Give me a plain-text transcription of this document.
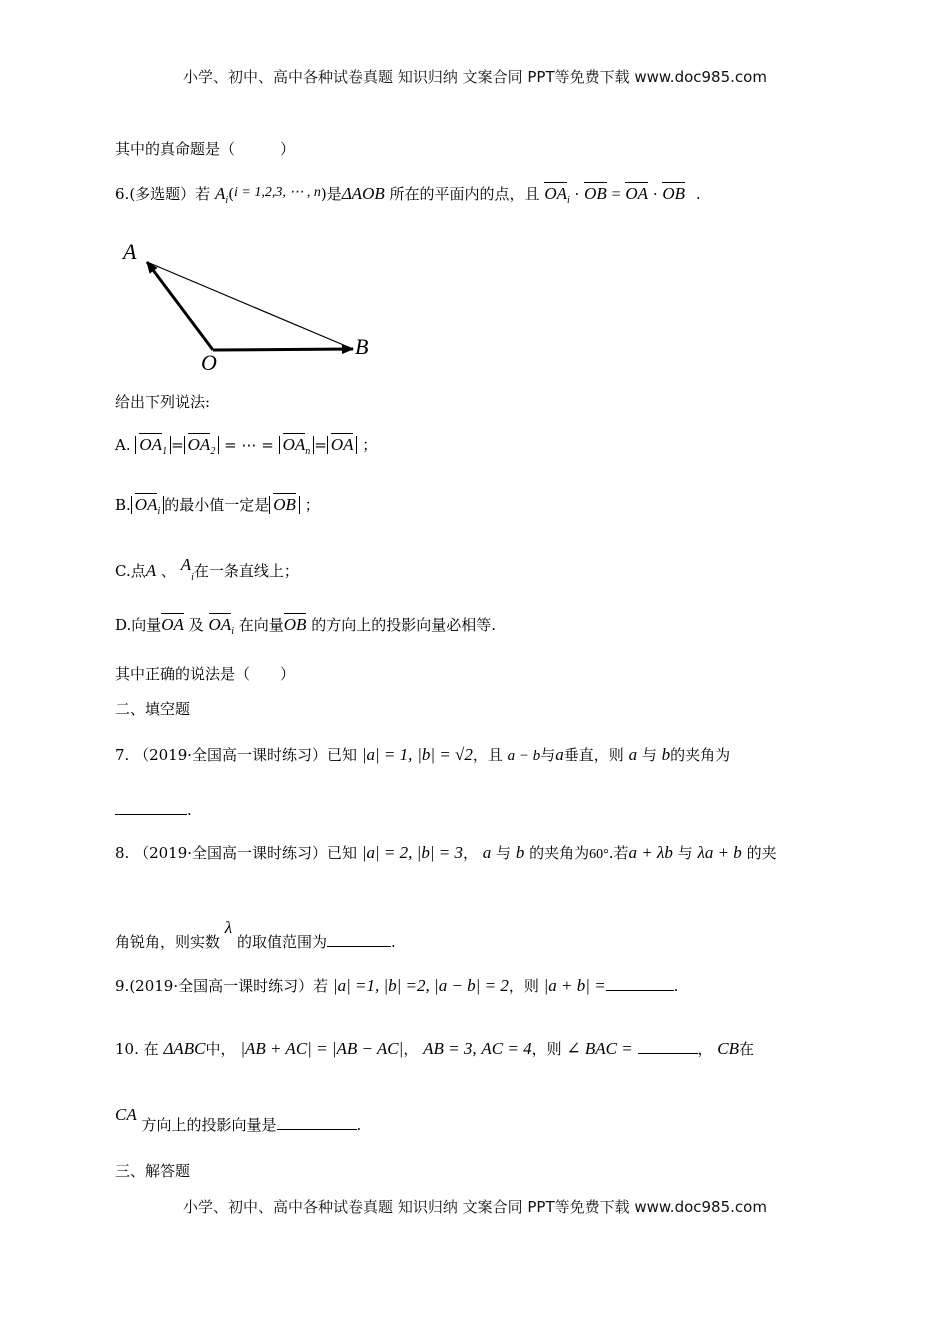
小学、初中、高中各种试卷真题 知识归纳 文案合同 PPT等免费下载 www.doc985.com
其中的真命题是（　　　）
6.(多选题）若 $A_i(i = 1,2,3$, ⋯ , n)是ΔAOB 所在的平面内的点，且 $OA_i$ · OB = OA · OB .
A
O
B
给出下列说法:
A. $OA_1 = OA_2$ = ⋯ = $OA_n$ = OA ；
B. $OA_i$ 的最小值一定是 OB ；
C.点A 、 $A_i$在一条直线上；
D.向量OA 及 $OA_i$ 在向量OB 的方向上的投影向量必相等.
其中正确的说法是（　　）
二、填空题
7. （2019·全国高一课时练习）已知 |a| = 1, |b| = √2，且 a − b与a垂直，则 a 与 b的夹角为
.
8. （2019·全国高一课时练习）已知 |a| = 2, |b| = 3， a 与 b 的夹角为60°.若a + λb 与 λa + b 的夹
角锐角，则实数 λ 的取值范围为	.
9.(2019·全国高一课时练习）若 |a| =1, |b| =2, |a − b| = 2，则 |a + b| =	.
10. 在 ΔABC中， |AB + AC| = |AB − AC|， AB = 3, AC = 4，则 ∠ BAC =	， CB在
CA 方向上的投影向量是	.
三、解答题
小学、初中、高中各种试卷真题 知识归纳 文案合同 PPT等免费下载 www.doc985.com
